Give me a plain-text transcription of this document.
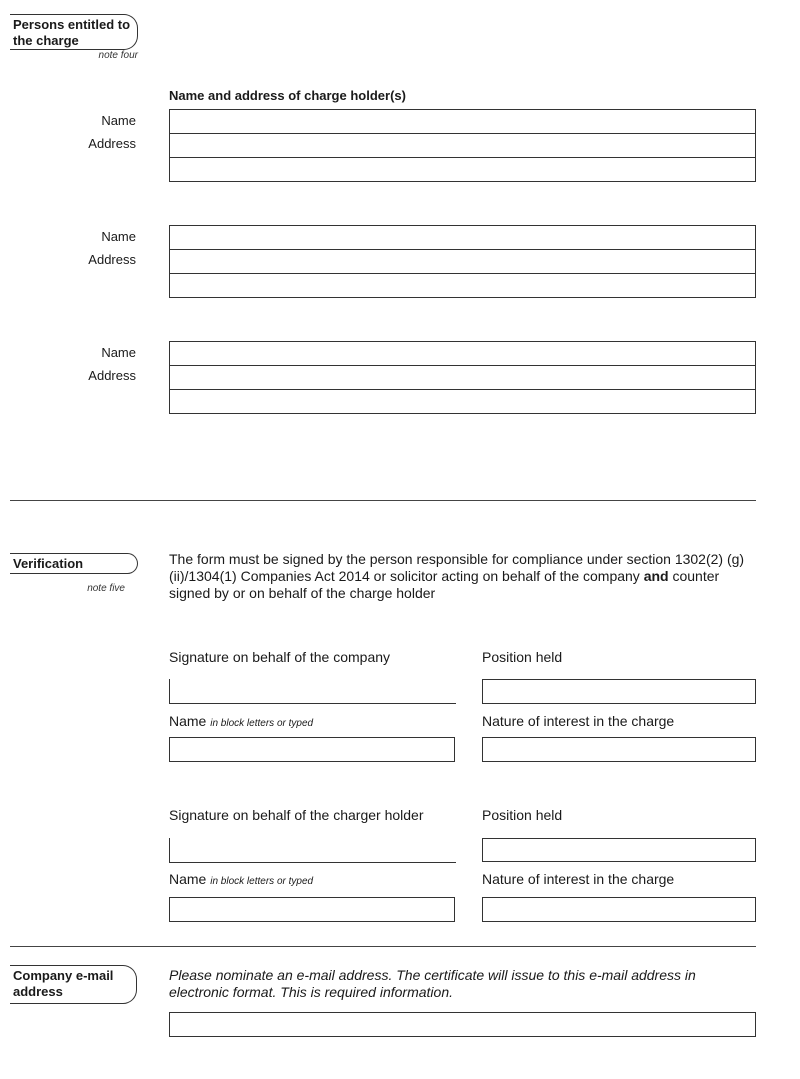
Persons entitled to the charge
note four
Name and address of charge holder(s)
Name
Address
Name
Address
Name
Address
Verification
note five
The form must be signed by the person responsible for compliance under section 1302(2) (g)(ii)/1304(1) Companies Act 2014 or solicitor acting on behalf of the company and counter signed by or on behalf of the charge holder
Signature on behalf of the company	Position held
Name in block letters or typed	Nature of interest in the charge
Signature on behalf of the charger holder	Position held
Name in block letters or typed	Nature of interest in the charge
Company e-mail address
Please nominate an e-mail address. The certificate will issue to this e-mail address in electronic format. This is required information.
